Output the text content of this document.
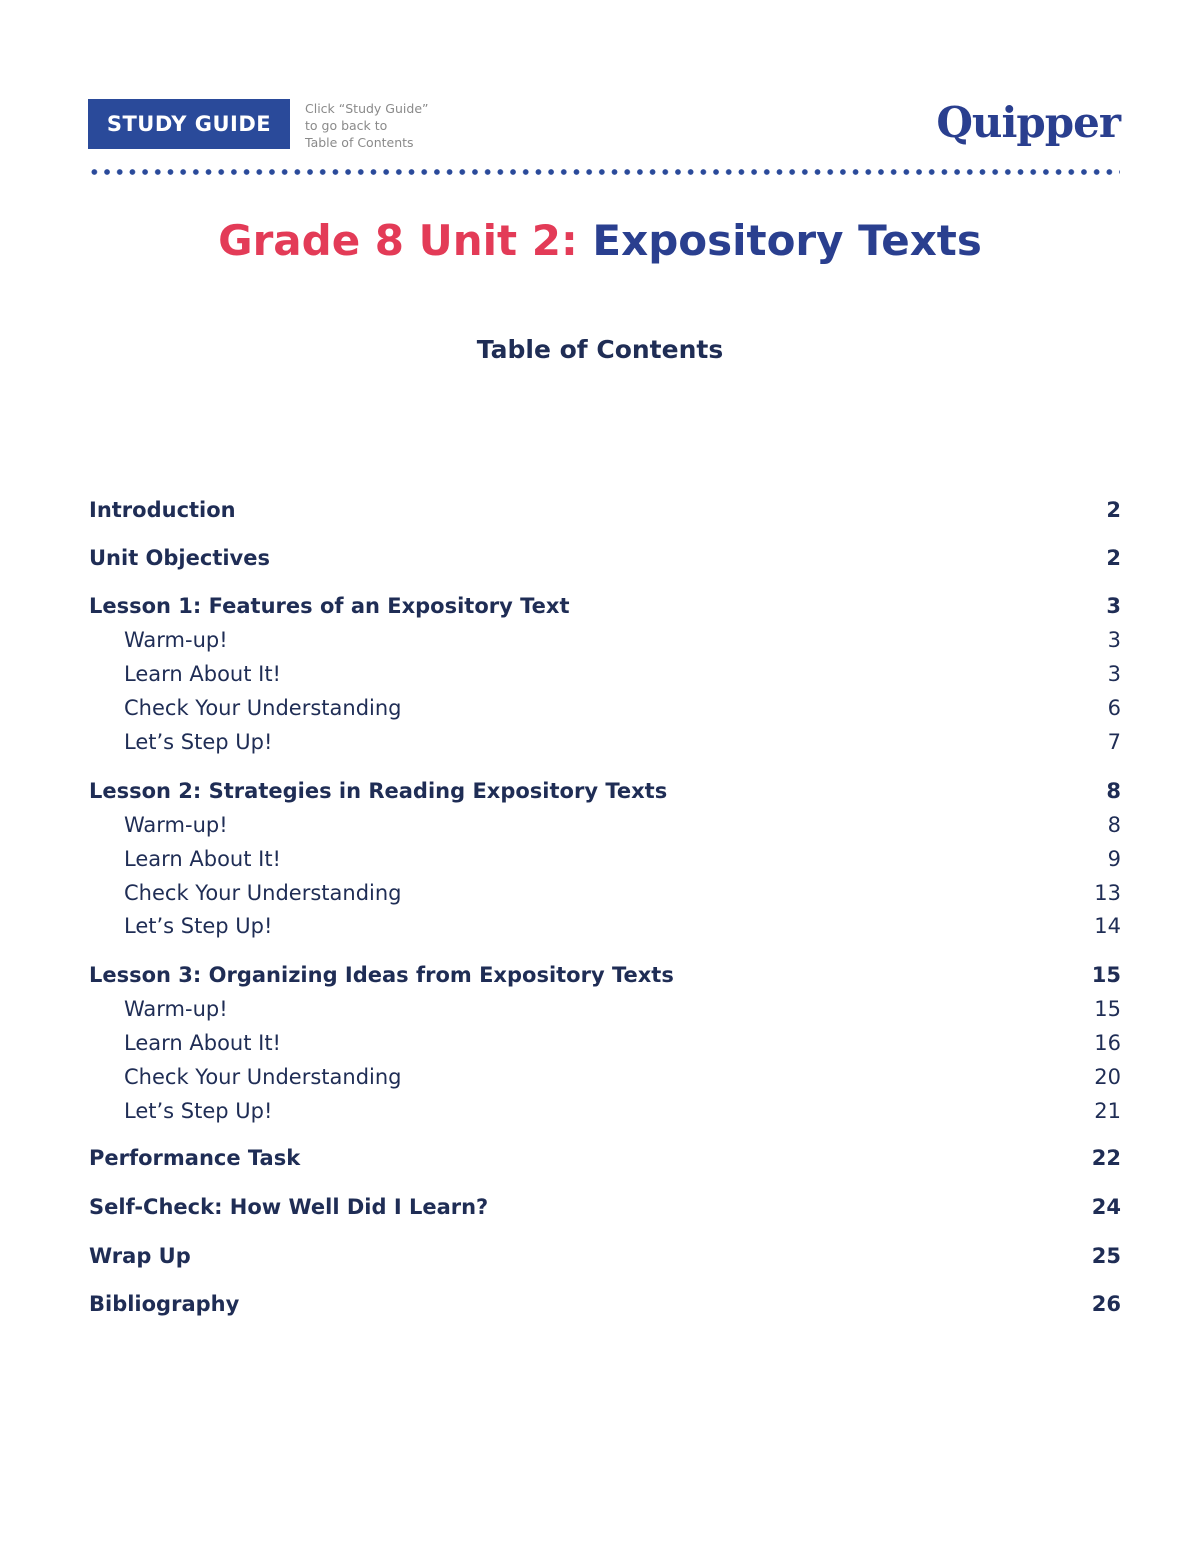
STUDY GUIDE
Click “Study Guide”
to go back to
Table of Contents	Quipper
Grade 8 Unit 2: Expository Texts
Table of Contents
Introduction	2
Unit Objectives	2
Lesson 1: Features of an Expository Text	3
Warm-up!	3
Learn About It!	3
Check Your Understanding	6
Let’s Step Up!	7
Lesson 2: Strategies in Reading Expository Texts	8
Warm-up!	8
Learn About It!	9
Check Your Understanding	13
Let’s Step Up!	14
Lesson 3: Organizing Ideas from Expository Texts	15
Warm-up!	15
Learn About It!	16
Check Your Understanding	20
Let’s Step Up!	21
Performance Task	22
Self-Check: How Well Did I Learn?	24
Wrap Up	25
Bibliography	26
